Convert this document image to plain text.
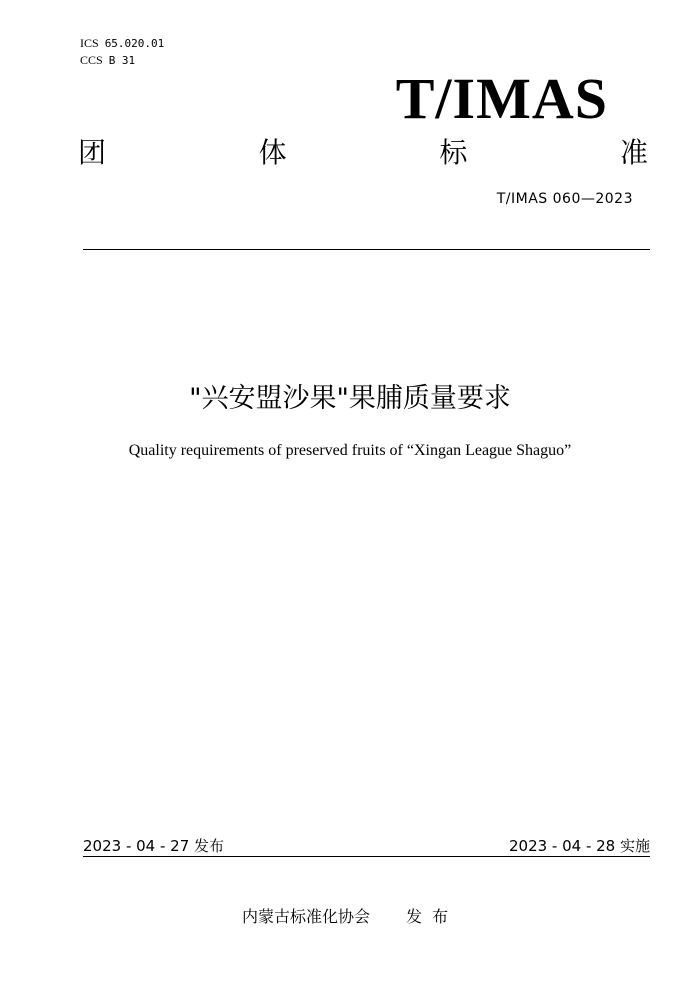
ICS 65.020.01
CCS B 31
T/IMAS
团	体	标	准
T/IMAS 060—2023
"兴安盟沙果"果脯质量要求
Quality requirements of preserved fruits of “Xingan League Shaguo”
2023 - 04 - 27 发布	2023 - 04 - 28 实施
内蒙古标准化协会 发布
